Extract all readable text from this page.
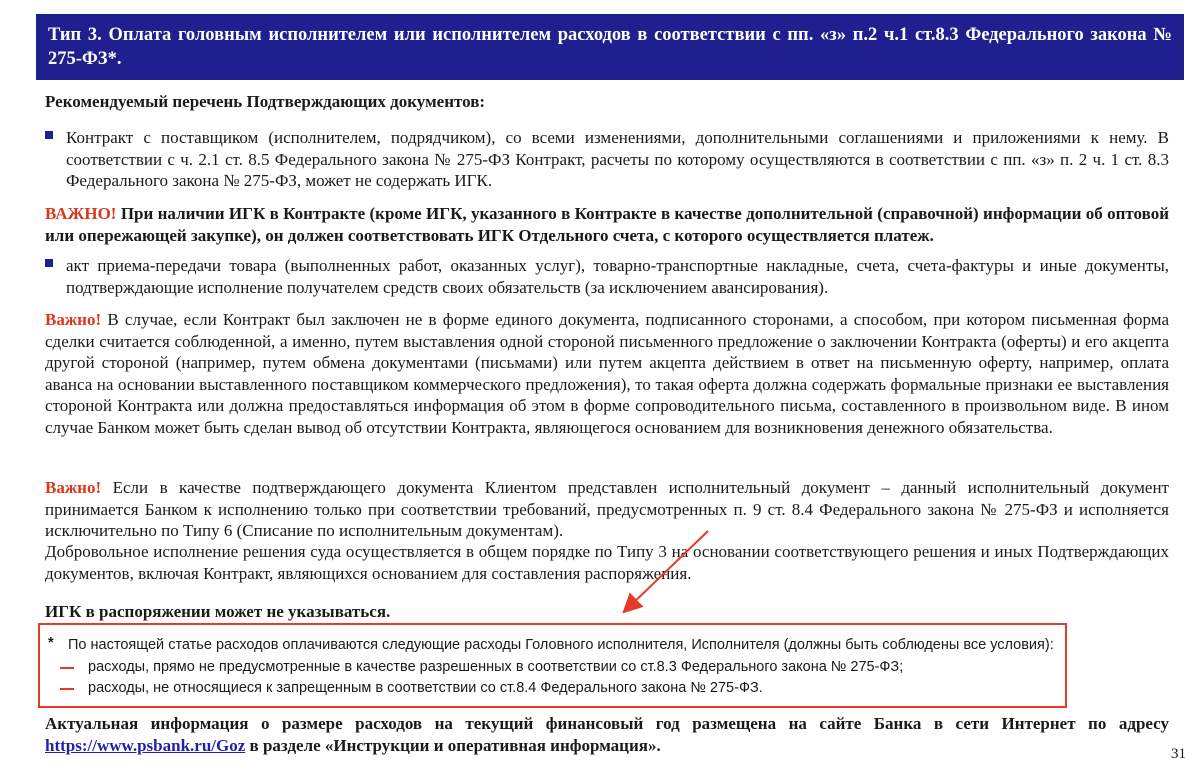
Тип 3. Оплата головным исполнителем или исполнителем расходов в соответствии с пп. «з» п.2 ч.1 ст.8.3 Федерального закона № 275-ФЗ*.
Рекомендуемый перечень Подтверждающих документов:
Контракт с поставщиком (исполнителем, подрядчиком), со всеми изменениями, дополнительными соглашениями и приложениями к нему. В соответствии с ч. 2.1 ст. 8.5 Федерального закона № 275-ФЗ Контракт, расчеты по которому осуществляются в соответствии с пп. «з» п. 2 ч. 1 ст. 8.3 Федерального закона № 275-ФЗ, может не содержать ИГК.
ВАЖНО! При наличии ИГК в Контракте (кроме ИГК, указанного в Контракте в качестве дополнительной (справочной) информации об оптовой или опережающей закупке), он должен соответствовать ИГК Отдельного счета, с которого осуществляется платеж.
акт приема-передачи товара (выполненных работ, оказанных услуг), товарно-транспортные накладные, счета, счета-фактуры и иные документы, подтверждающие исполнение получателем средств своих обязательств (за исключением авансирования).
Важно! В случае, если Контракт был заключен не в форме единого документа, подписанного сторонами, а способом, при котором письменная форма сделки считается соблюденной, а именно, путем выставления одной стороной письменного предложение о заключении Контракта (оферты) и его акцепта другой стороной (например, путем обмена документами (письмами) или путем акцепта действием в ответ на письменную оферту, например, оплата аванса на основании выставленного поставщиком коммерческого предложения), то такая оферта должна содержать формальные признаки ее выставления стороной Контракта или должна предоставляться информация об этом в форме сопроводительного письма, составленного в произвольном виде. В ином случае Банком может быть сделан вывод об отсутствии Контракта, являющегося основанием для возникновения денежного обязательства.
Важно! Если в качестве подтверждающего документа Клиентом представлен исполнительный документ – данный исполнительный документ принимается Банком к исполнению только при соответствии требований, предусмотренных п. 9 ст. 8.4 Федерального закона № 275-ФЗ и исполняется исключительно по Типу 6 (Списание по исполнительным документам).
Добровольное исполнение решения суда осуществляется в общем порядке по Типу 3 на основании соответствующего решения и иных Подтверждающих документов, включая Контракт, являющихся основанием для составления распоряжения.
ИГК в распоряжении может не указываться.
* По настоящей статье расходов оплачиваются следующие расходы Головного исполнителя, Исполнителя (должны быть соблюдены все условия):
расходы, прямо не предусмотренные в качестве разрешенных в соответствии со ст.8.3 Федерального закона № 275-ФЗ;
расходы, не относящиеся к запрещенным в соответствии со ст.8.4 Федерального закона № 275-ФЗ.
Актуальная информация о размере расходов на текущий финансовый год размещена на сайте Банка в сети Интернет по адресу https://www.psbank.ru/Goz в разделе «Инструкции и оперативная информация».	31
